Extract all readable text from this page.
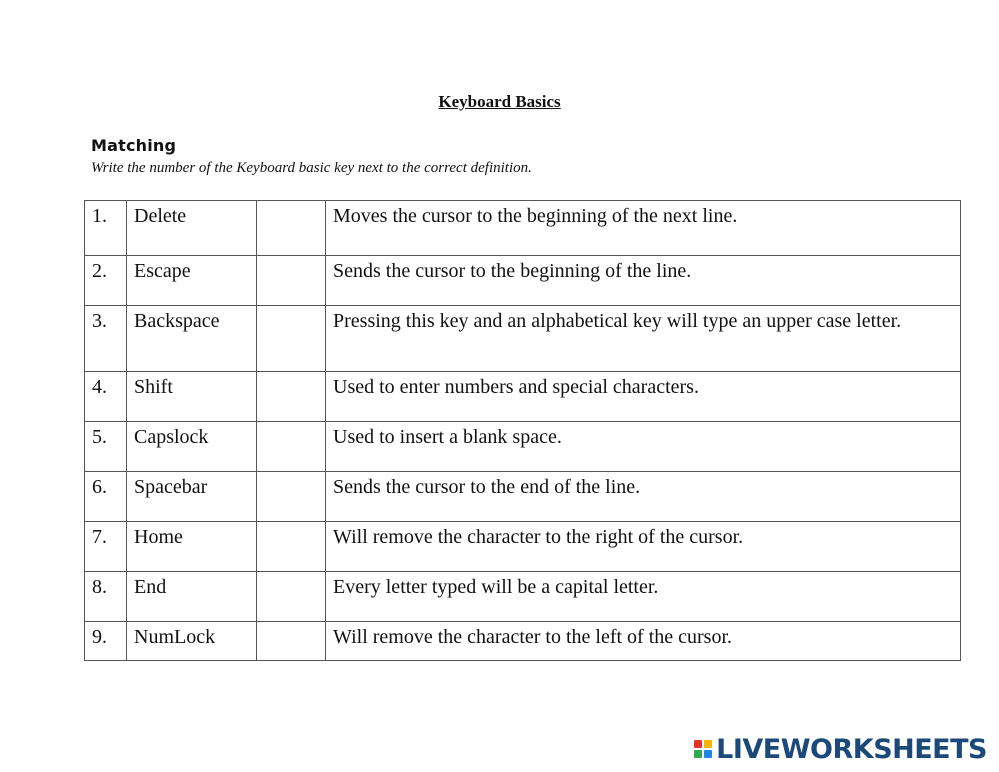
Keyboard Basics
Matching
Write the number of the Keyboard basic key next to the correct definition.
1.	Delete		Moves the cursor to the beginning of the next line.
2.	Escape		Sends the cursor to the beginning of the line.
3.	Backspace		Pressing this key and an alphabetical key will type an upper case letter.
4.	Shift		Used to enter numbers and special characters.
5.	Capslock		Used to insert a blank space.
6.	Spacebar		Sends the cursor to the end of the line.
7.	Home		Will remove the character to the right of the cursor.
8.	End		Every letter typed will be a capital letter.
9.	NumLock		Will remove the character to the left of the cursor.
LIVEWORKSHEETS
